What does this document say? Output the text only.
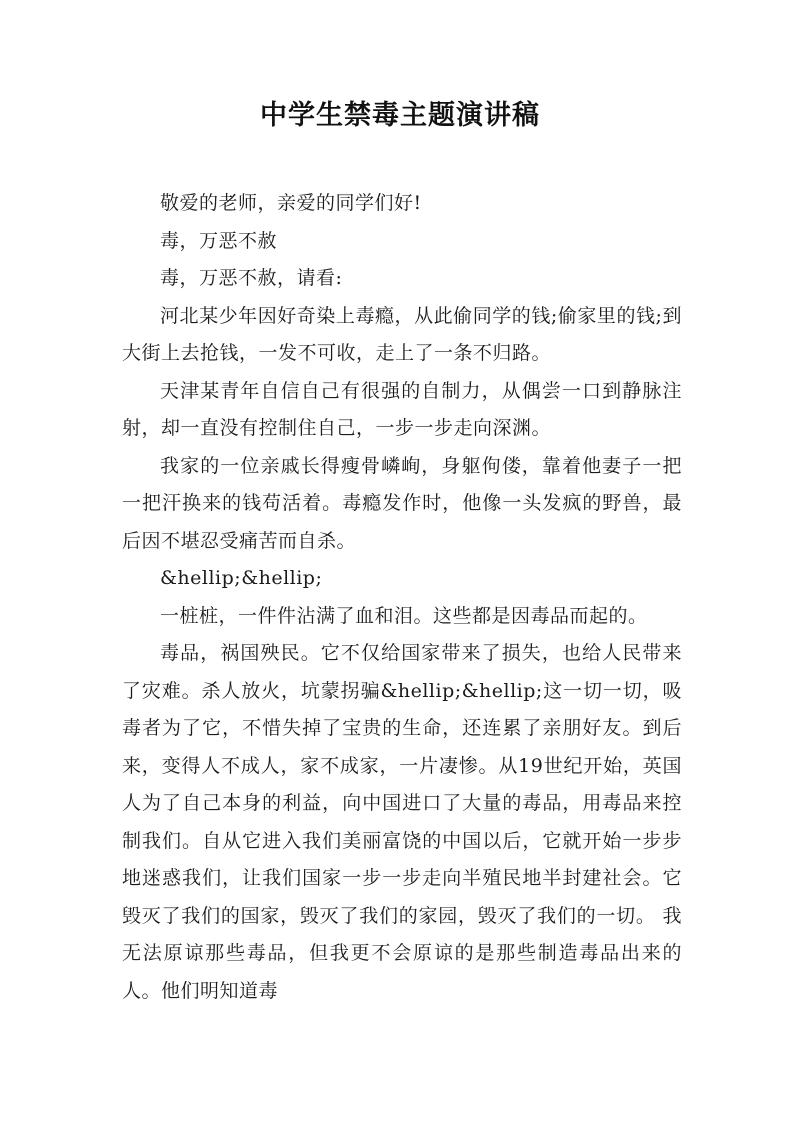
中学生禁毒主题演讲稿

敬爱的老师，亲爱的同学们好!

毒，万恶不赦

毒，万恶不赦，请看:

河北某少年因好奇染上毒瘾，从此偷同学的钱;偷家里的钱;到大街上去抢钱，一发不可收，走上了一条不归路。

天津某青年自信自己有很强的自制力，从偶尝一口到静脉注射，却一直没有控制住自己，一步一步走向深渊。

我家的一位亲戚长得瘦骨嶙峋，身躯佝偻，靠着他妻子一把一把汗换来的钱苟活着。毒瘾发作时，他像一头发疯的野兽，最后因不堪忍受痛苦而自杀。

&hellip;&hellip;

一桩桩，一件件沾满了血和泪。这些都是因毒品而起的。

毒品，祸国殃民。它不仅给国家带来了损失，也给人民带来了灾难。杀人放火，坑蒙拐骗&hellip;&hellip;这一切一切，吸毒者为了它，不惜失掉了宝贵的生命，还连累了亲朋好友。到后来，变得人不成人，家不成家，一片凄惨。从19世纪开始，英国人为了自己本身的利益，向中国进口了大量的毒品，用毒品来控制我们。自从它进入我们美丽富饶的中国以后，它就开始一步步地迷惑我们，让我们国家一步一步走向半殖民地半封建社会。它毁灭了我们的国家，毁灭了我们的家园，毁灭了我们的一切。 我无法原谅那些毒品，但我更不会原谅的是那些制造毒品出来的人。他们明知道毒
